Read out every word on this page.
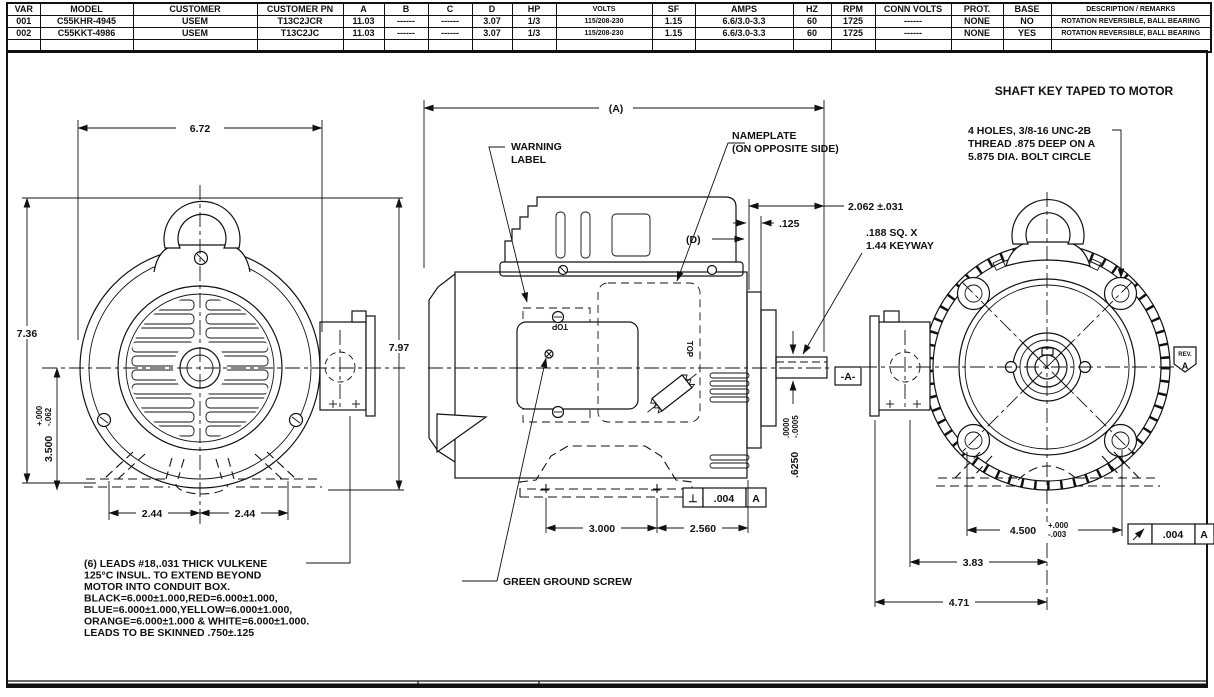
VAR	MODEL	CUSTOMER	CUSTOMER PN	A	B	C	D	HP	VOLTS	SF	AMPS	HZ	RPM	CONN VOLTS	PROT.	BASE	DESCRIPTION / REMARKS
001	C55KHR-4945	USEM	T13C2JCR	11.03	------	------	3.07	1/3	115/208-230	1.15	6.6/3.0-3.3	60	1725	------	NONE	NO	ROTATION REVERSIBLE, BALL BEARING
002	C55KKT-4986	USEM	T13C2JC	11.03	------	------	3.07	1/3	115/208-230	1.15	6.6/3.0-3.3	60	1725	------	NONE	YES	ROTATION REVERSIBLE, BALL BEARING

6.72
7.36
7.97
3.500
+.000 -.062
2.44	2.44
TOP
TOP
(A)
2.062 ±.031
.125
(D)
.188 SQ. X
1.44 KEYWAY
.6250
.0000 -.0005
-A-
⊥ .004 A
3.000	2.560
GREEN GROUND SCREW
WARNING
LABEL
NAMEPLATE
(ON OPPOSITE SIDE)
REV.
A
SHAFT KEY TAPED TO MOTOR
4 HOLES, 3/8-16 UNC-2B
THREAD .875 DEEP ON A
5.875 DIA. BOLT CIRCLE
4.500 +.000
-.003
3.83
4.71
.004 A
(6) LEADS #18,.031 THICK VULKENE
125°C INSUL. TO EXTEND BEYOND
MOTOR INTO CONDUIT BOX.
BLACK=6.000±1.000,RED=6.000±1.000,
BLUE=6.000±1.000,YELLOW=6.000±1.000,
ORANGE=6.000±1.000 & WHITE=6.000±1.000.
LEADS TO BE SKINNED .750±.125
